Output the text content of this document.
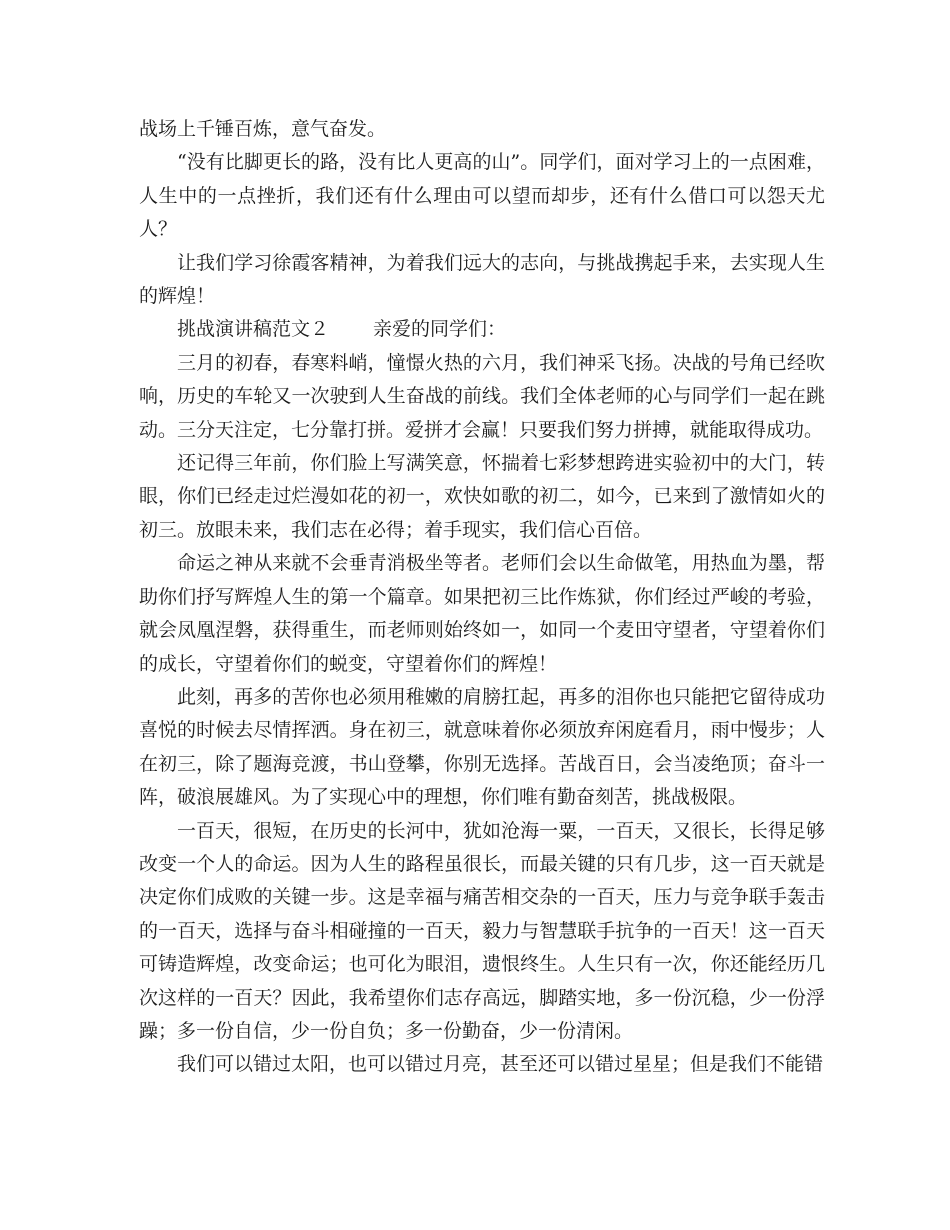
战场上千锤百炼，意气奋发。

“没有比脚更长的路，没有比人更高的山”。同学们，面对学习上的一点困难，人生中的一点挫折，我们还有什么理由可以望而却步，还有什么借口可以怨天尤人？

让我们学习徐霞客精神，为着我们远大的志向，与挑战携起手来，去实现人生的辉煌！

挑战演讲稿范文２ 亲爱的同学们：

三月的初春，春寒料峭，憧憬火热的六月，我们神采飞扬。决战的号角已经吹响，历史的车轮又一次驶到人生奋战的前线。我们全体老师的心与同学们一起在跳动。三分天注定，七分靠打拼。爱拼才会赢！只要我们努力拼搏，就能取得成功。

还记得三年前，你们脸上写满笑意，怀揣着七彩梦想跨进实验初中的大门，转眼，你们已经走过烂漫如花的初一，欢快如歌的初二，如今，已来到了激情如火的初三。放眼未来，我们志在必得；着手现实，我们信心百倍。

命运之神从来就不会垂青消极坐等者。老师们会以生命做笔，用热血为墨，帮助你们抒写辉煌人生的第一个篇章。如果把初三比作炼狱，你们经过严峻的考验，就会凤凰涅磐，获得重生，而老师则始终如一，如同一个麦田守望者，守望着你们的成长，守望着你们的蜕变，守望着你们的辉煌！

此刻，再多的苦你也必须用稚嫩的肩膀扛起，再多的泪你也只能把它留待成功喜悦的时候去尽情挥洒。身在初三，就意味着你必须放弃闲庭看月，雨中慢步；人在初三，除了题海竞渡，书山登攀，你别无选择。苦战百日，会当凌绝顶；奋斗一阵，破浪展雄风。为了实现心中的理想，你们唯有勤奋刻苦，挑战极限。

一百天，很短，在历史的长河中，犹如沧海一粟，一百天，又很长，长得足够改变一个人的命运。因为人生的路程虽很长，而最关键的只有几步，这一百天就是决定你们成败的关键一步。这是幸福与痛苦相交杂的一百天，压力与竞争联手轰击的一百天，选择与奋斗相碰撞的一百天，毅力与智慧联手抗争的一百天！这一百天可铸造辉煌，改变命运；也可化为眼泪，遗恨终生。人生只有一次，你还能经历几次这样的一百天？因此，我希望你们志存高远，脚踏实地，多一份沉稳，少一份浮躁；多一份自信，少一份自负；多一份勤奋，少一份清闲。

我们可以错过太阳，也可以错过月亮，甚至还可以错过星星；但是我们不能错
